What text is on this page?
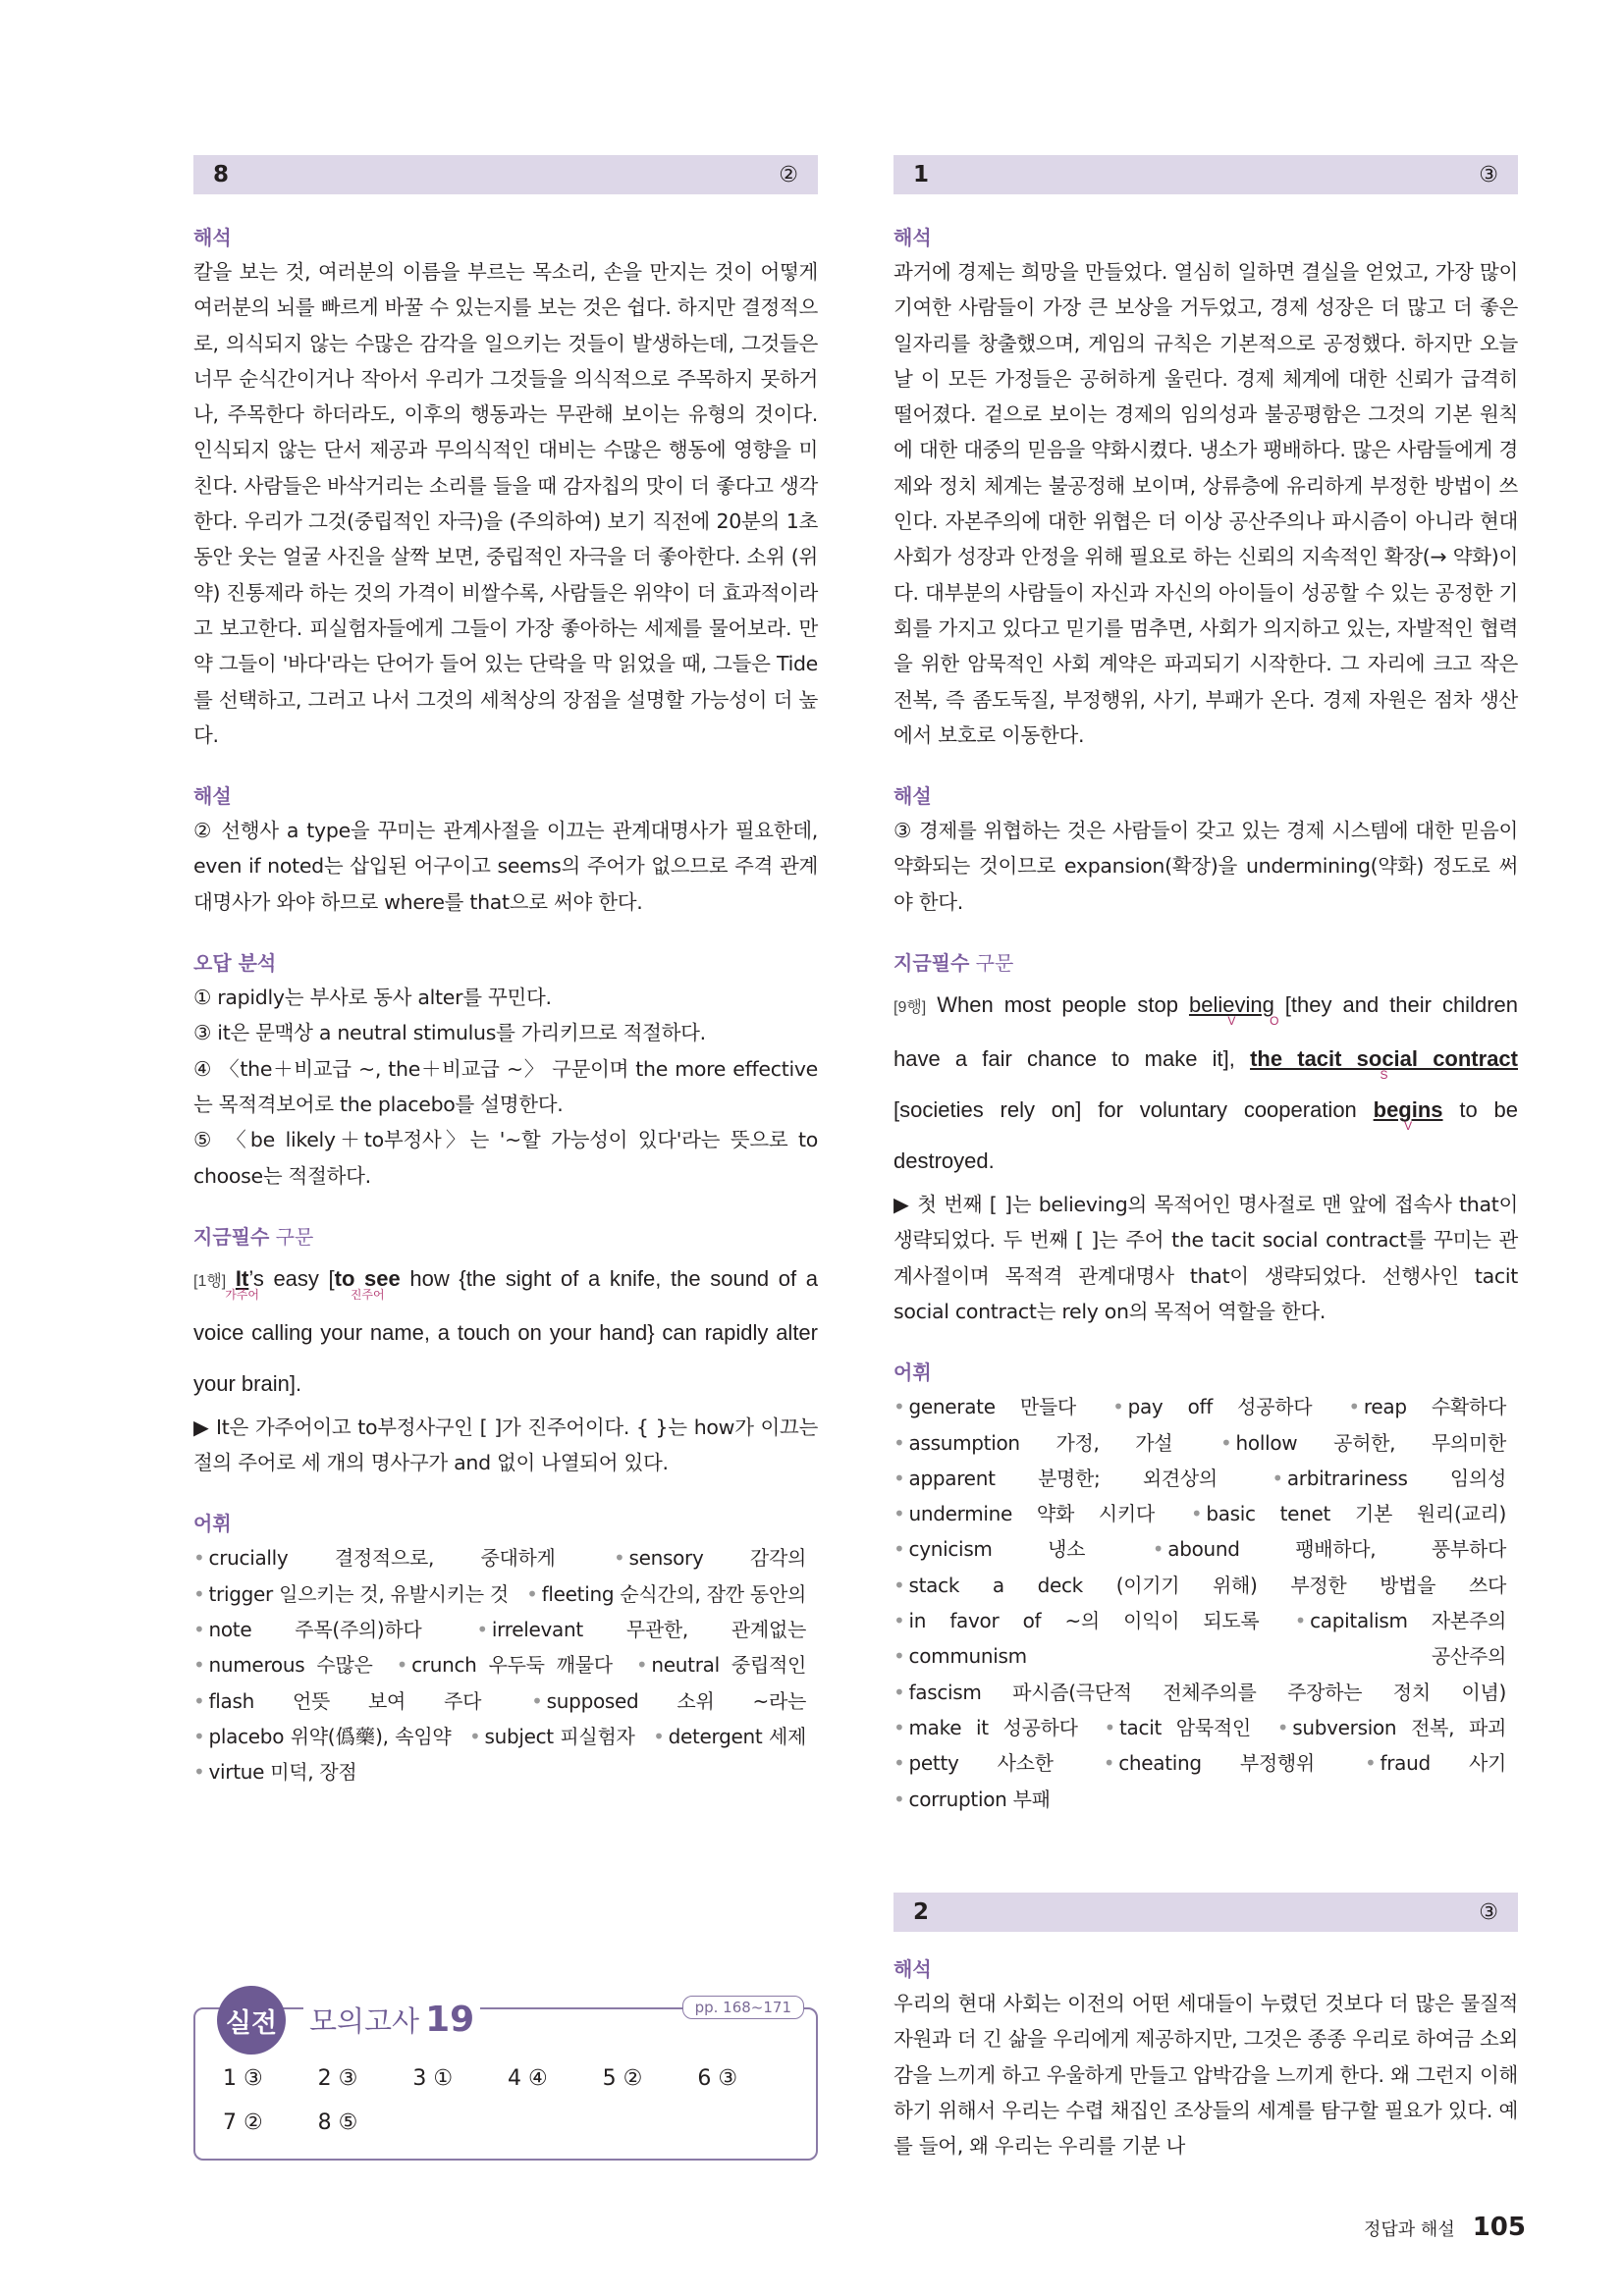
8	②
해석

칼을 보는 것, 여러분의 이름을 부르는 목소리, 손을 만지는 것이 어떻게 여러분의 뇌를 빠르게 바꿀 수 있는지를 보는 것은 쉽다. 하지만 결정적으로, 의식되지 않는 수많은 감각을 일으키는 것들이 발생하는데, 그것들은 너무 순식간이거나 작아서 우리가 그것들을 의식적으로 주목하지 못하거나, 주목한다 하더라도, 이후의 행동과는 무관해 보이는 유형의 것이다. 인식되지 않는 단서 제공과 무의식적인 대비는 수많은 행동에 영향을 미친다. 사람들은 바삭거리는 소리를 들을 때 감자칩의 맛이 더 좋다고 생각한다. 우리가 그것(중립적인 자극)을 (주의하여) 보기 직전에 20분의 1초 동안 웃는 얼굴 사진을 살짝 보면, 중립적인 자극을 더 좋아한다. 소위 (위약) 진통제라 하는 것의 가격이 비쌀수록, 사람들은 위약이 더 효과적이라고 보고한다. 피실험자들에게 그들이 가장 좋아하는 세제를 물어보라. 만약 그들이 '바다'라는 단어가 들어 있는 단락을 막 읽었을 때, 그들은 Tide를 선택하고, 그러고 나서 그것의 세척상의 장점을 설명할 가능성이 더 높다.

해설

② 선행사 a type을 꾸미는 관계사절을 이끄는 관계대명사가 필요한데, even if noted는 삽입된 어구이고 seems의 주어가 없으므로 주격 관계대명사가 와야 하므로 where를 that으로 써야 한다.

오답 분석

① rapidly는 부사로 동사 alter를 꾸민다.

③ it은 문맥상 a neutral stimulus를 가리키므로 적절하다.

④ 〈the＋비교급 ~, the＋비교급 ~〉 구문이며 the more effective는 목적격보어로 the placebo를 설명한다.

⑤ 〈be likely＋to부정사〉는 '~할 가능성이 있다'라는 뜻으로 to choose는 적절하다.

지금필수 구문

[1행] It
가주어
’s easy [to see
진주어
how {the sight of a knife, the sound of a voice calling your name, a touch on your hand} can rapidly alter your brain].

▶ It은 가주어이고 to부정사구인 [ ]가 진주어이다. { }는 how가 이끄는 절의 주어로 세 개의 명사구가 and 없이 나열되어 있다.

어휘

• crucially 결정적으로, 중대하게	• sensory 감각의 • trigger 일으키는 것, 유발시키는 것 • fleeting 순식간의, 잠깐 동안의 • note 주목(주의)하다	• irrelevant 무관한, 관계없는 • numerous 수많은 • crunch 우두둑 깨물다 • neutral 중립적인 • flash 언뜻 보여 주다	• supposed 소위 ~라는 • placebo 위약(僞藥), 속임약 • subject 피실험자 • detergent 세제 • virtue 미덕, 장점

1	③
해석

과거에 경제는 희망을 만들었다. 열심히 일하면 결실을 얻었고, 가장 많이 기여한 사람들이 가장 큰 보상을 거두었고, 경제 성장은 더 많고 더 좋은 일자리를 창출했으며, 게임의 규칙은 기본적으로 공정했다. 하지만 오늘날 이 모든 가정들은 공허하게 울린다. 경제 체계에 대한 신뢰가 급격히 떨어졌다. 겉으로 보이는 경제의 임의성과 불공평함은 그것의 기본 원칙에 대한 대중의 믿음을 약화시켰다. 냉소가 팽배하다. 많은 사람들에게 경제와 정치 체계는 불공정해 보이며, 상류층에 유리하게 부정한 방법이 쓰인다. 자본주의에 대한 위협은 더 이상 공산주의나 파시즘이 아니라 현대 사회가 성장과 안정을 위해 필요로 하는 신뢰의 지속적인 확장(→ 약화)이다. 대부분의 사람들이 자신과 자신의 아이들이 성공할 수 있는 공정한 기회를 가지고 있다고 믿기를 멈추면, 사회가 의지하고 있는, 자발적인 협력을 위한 암묵적인 사회 계약은 파괴되기 시작한다. 그 자리에 크고 작은 전복, 즉 좀도둑질, 부정행위, 사기, 부패가 온다. 경제 자원은 점차 생산에서 보호로 이동한다.

해설

③ 경제를 위협하는 것은 사람들이 갖고 있는 경제 시스템에 대한 믿음이 약화되는 것이므로 expansion(확장)을 undermining(약화) 정도로 써야 한다.

지금필수 구문

[9행] When most people stop believing
V
[they and their children have a fair chance to make it],
O
the tacit social contract
S
[societies rely on] for voluntary cooperation begins
V
to be destroyed.

▶ 첫 번째 [ ]는 believing의 목적어인 명사절로 맨 앞에 접속사 that이 생략되었다. 두 번째 [ ]는 주어 the tacit social contract를 꾸미는 관계사절이며 목적격 관계대명사 that이 생략되었다. 선행사인 tacit social contract는 rely on의 목적어 역할을 한다.

어휘

• generate 만들다 • pay off 성공하다 • reap 수확하다 • assumption 가정, 가설 • hollow 공허한, 무의미한 • apparent 분명한; 외견상의	• arbitrariness 임의성 • undermine 약화 시키다 • basic tenet 기본 원리(교리) • cynicism 냉소	• abound 팽배하다, 풍부하다 • stack a deck (이기기 위해) 부정한 방법을 쓰다 • in favor of ~의 이익이 되도록 • capitalism 자본주의 • communism 공산주의 • fascism 파시즘(극단적 전체주의를 주장하는 정치 이념) • make it 성공하다 • tacit 암묵적인 • subversion 전복, 파괴 • petty 사소한	• cheating 부정행위	• fraud 사기 • corruption 부패

2	③
해석

우리의 현대 사회는 이전의 어떤 세대들이 누렸던 것보다 더 많은 물질적 자원과 더 긴 삶을 우리에게 제공하지만, 그것은 종종 우리로 하여금 소외감을 느끼게 하고 우울하게 만들고 압박감을 느끼게 한다. 왜 그런지 이해하기 위해서 우리는 수렵 채집인 조상들의 세계를 탐구할 필요가 있다. 예를 들어, 왜 우리는 우리를 기분 나

실전	모의고사 19	pp. 168~171
1 ③	2 ③	3 ①	4 ④	5 ②	6 ③
7 ②	8 ⑤
정답과 해설 105
